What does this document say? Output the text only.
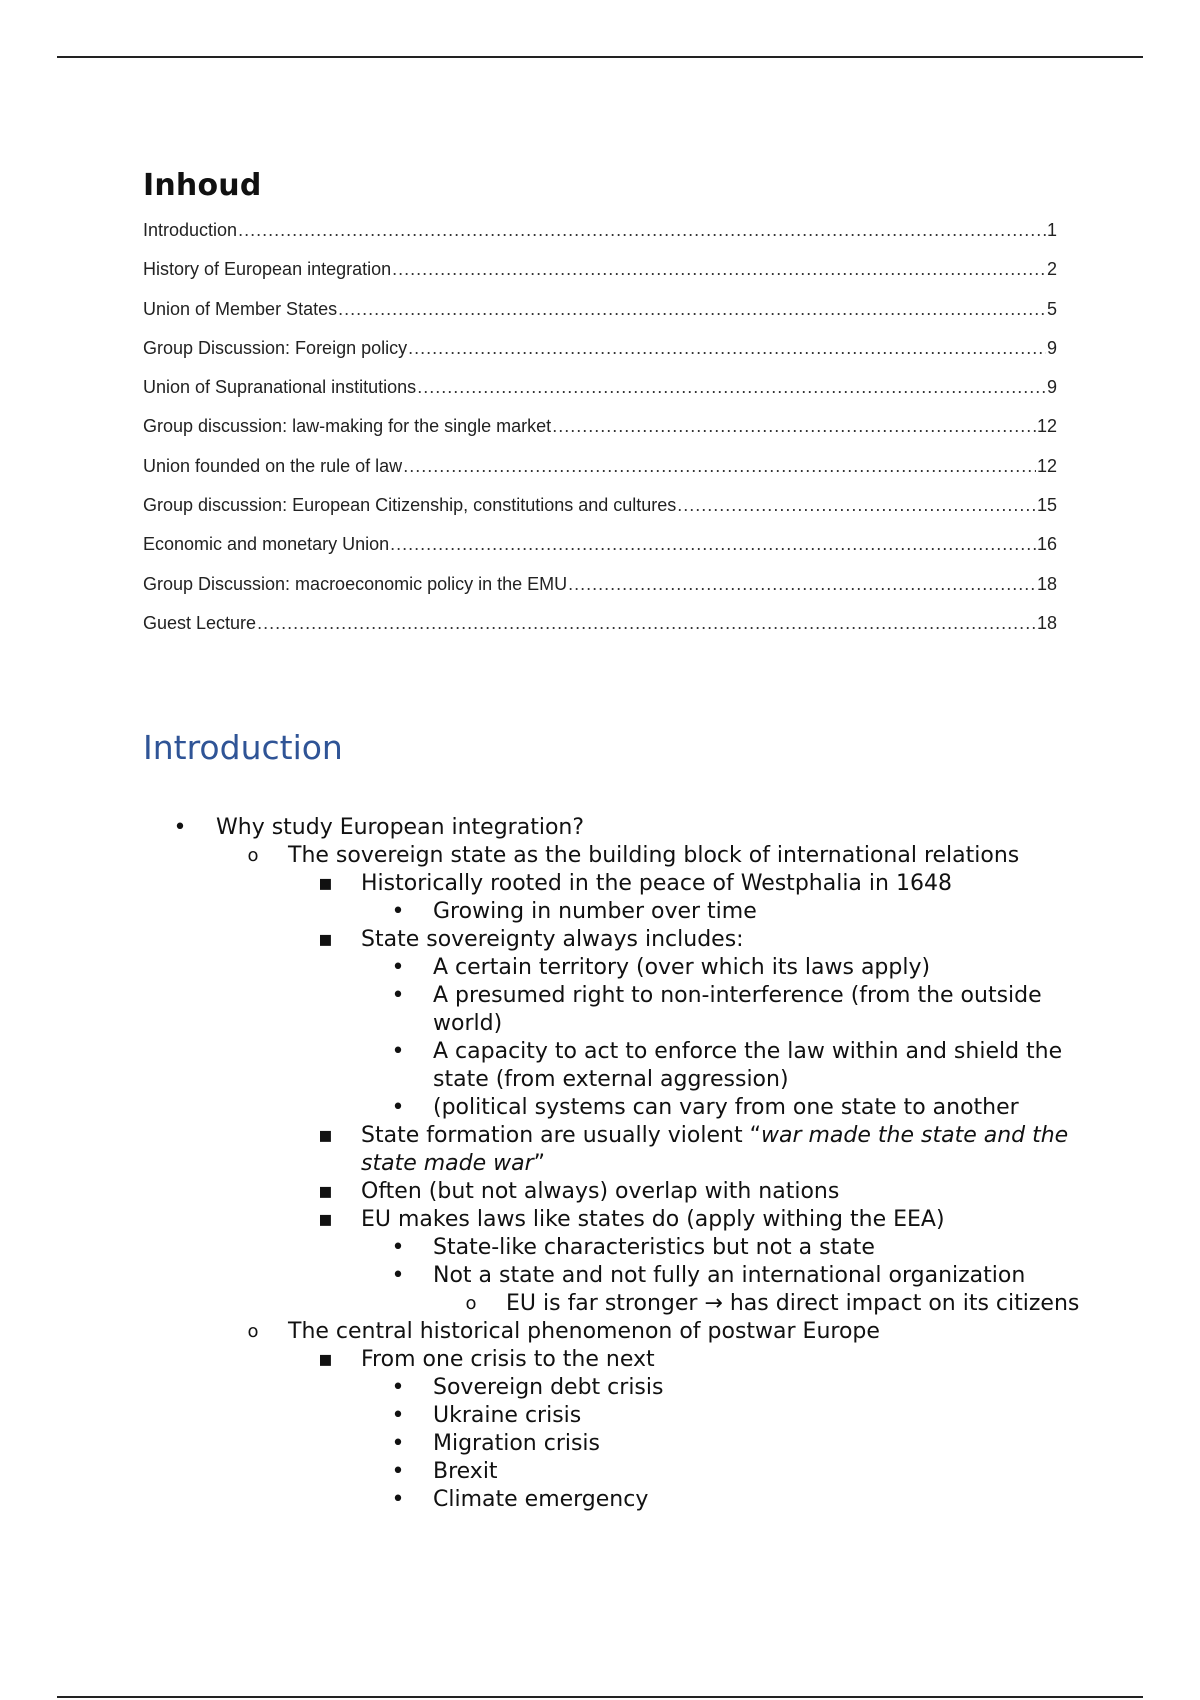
Inhoud
Introduction .....	1
History of European integration .....	2
Union of Member States .....	5
Group Discussion: Foreign policy .....	9
Union of Supranational institutions .....	9
Group discussion: law-making for the single market .....	12
Union founded on the rule of law .....	12
Group discussion: European Citizenship, constitutions and cultures .....	15
Economic and monetary Union .....	16
Group Discussion: macroeconomic policy in the EMU .....	18
Guest Lecture .....	18
Introduction
• Why study European integration?
o The sovereign state as the building block of international relations
▪ Historically rooted in the peace of Westphalia in 1648
• Growing in number over time
▪ State sovereignty always includes:
• A certain territory (over which its laws apply)
• A presumed right to non-interference (from the outside world)
• A capacity to act to enforce the law within and shield the state (from external aggression)
• (political systems can vary from one state to another
▪ State formation are usually violent “war made the state and the state made war”
▪ Often (but not always) overlap with nations
▪ EU makes laws like states do (apply withing the EEA)
• State-like characteristics but not a state
• Not a state and not fully an international organization
o EU is far stronger → has direct impact on its citizens
o The central historical phenomenon of postwar Europe
▪ From one crisis to the next
• Sovereign debt crisis
• Ukraine crisis
• Migration crisis
• Brexit
• Climate emergency
